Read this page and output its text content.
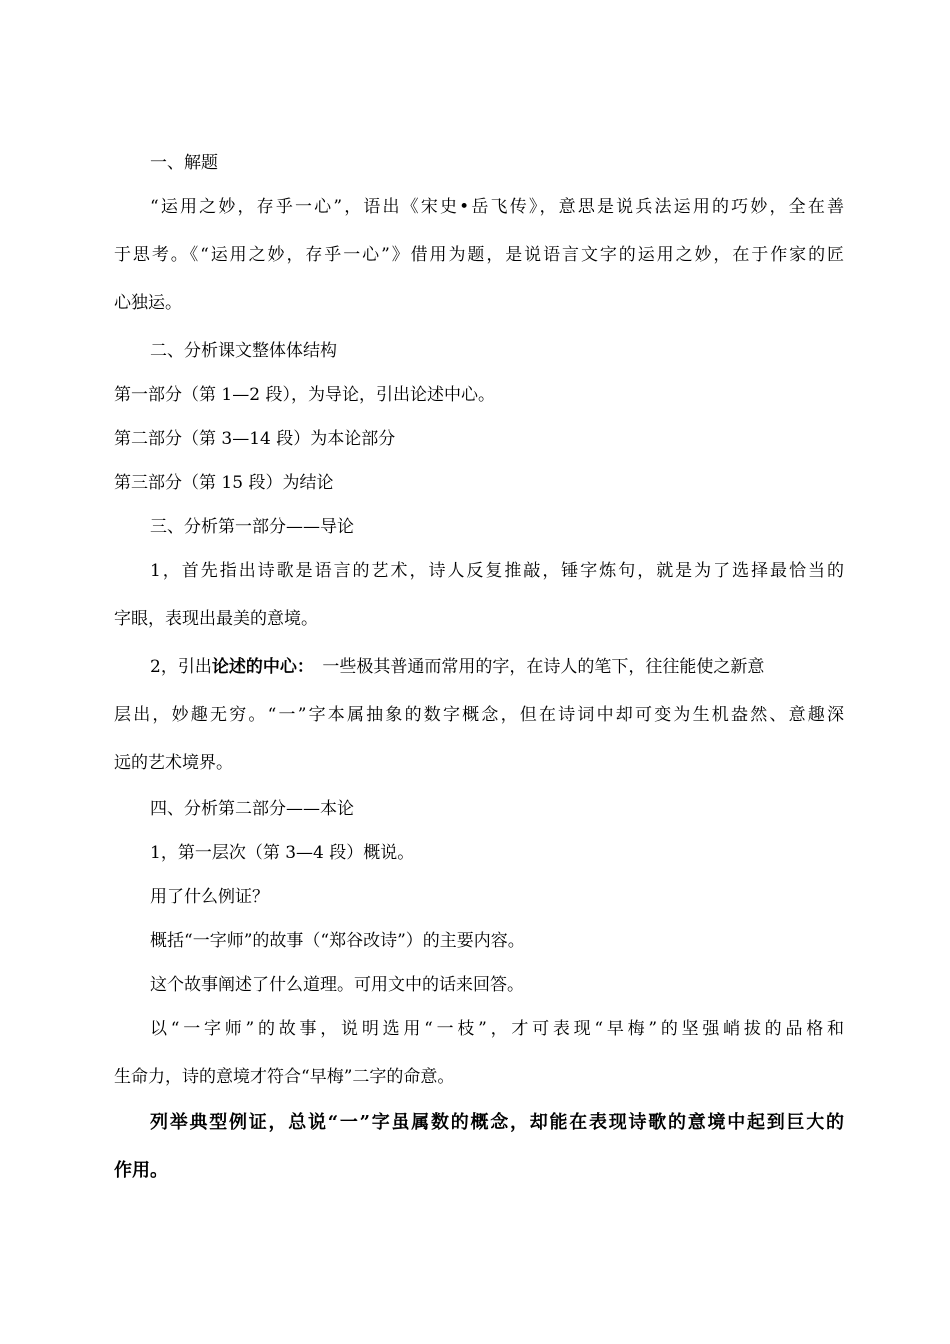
一、解题
“运用之妙，存乎一心”，语出《宋史•岳飞传》，意思是说兵法运用的巧妙，全在善
于思考。《“运用之妙，存乎一心”》借用为题，是说语言文字的运用之妙，在于作家的匠
心独运。
二、分析课文整体体结构
第一部分（第 1—2 段），为导论，引出论述中心。
第二部分（第 3—14 段）为本论部分
第三部分（第 15 段）为结论
三、分析第一部分——导论
1，首先指出诗歌是语言的艺术，诗人反复推敲，锤字炼句，就是为了选择最恰当的
字眼，表现出最美的意境。
2，引出论述的中心：　一些极其普通而常用的字，在诗人的笔下，往往能使之新意
层出，妙趣无穷。“一”字本属抽象的数字概念，但在诗词中却可变为生机盎然、意趣深
远的艺术境界。
四、分析第二部分——本论
1，第一层次（第 3—4 段）概说。
用了什么例证？
概括“一字师”的故事（“郑谷改诗”）的主要内容。
这个故事阐述了什么道理。可用文中的话来回答。
以“一字师”的故事，说明选用“一枝”，才可表现“早梅”的坚强峭拔的品格和
生命力，诗的意境才符合“早梅”二字的命意。
列举典型例证，总说“一”字虽属数的概念，却能在表现诗歌的意境中起到巨大的
作用。
